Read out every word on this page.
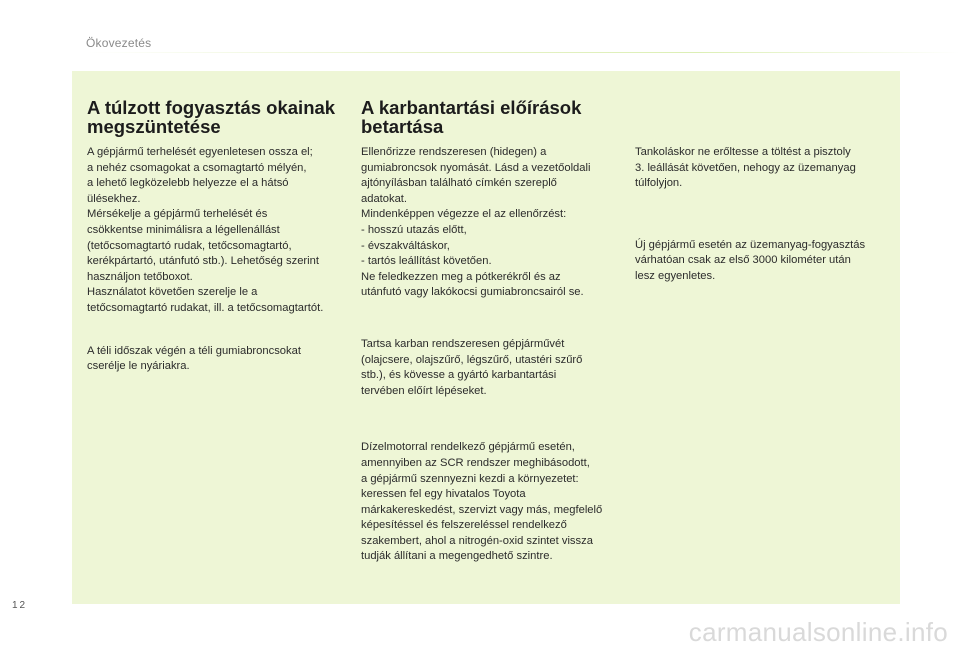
Ökovezetés
A túlzott fogyasztás okainak megszüntetése

A gépjármű terhelését egyenletesen ossza el;
a nehéz csomagokat a csomagtartó mélyén,
a lehető legközelebb helyezze el a hátsó
ülésekhez.
Mérsékelje a gépjármű terhelését és
csökkentse minimálisra a légellenállást
(tetőcsomagtartó rudak, tetőcsomagtartó,
kerékpártartó, utánfutó stb.). Lehetőség szerint
használjon tetőboxot.
Használatot követően szerelje le a
tetőcsomagtartó rudakat, ill. a tetőcsomagtartót.

A téli időszak végén a téli gumiabroncsokat
cserélje le nyáriakra.

A karbantartási előírások betartása

Ellenőrizze rendszeresen (hidegen) a
gumiabroncsok nyomását. Lásd a vezetőoldali
ajtónyílásban található címkén szereplő
adatokat.
Mindenképpen végezze el az ellenőrzést:
- hosszú utazás előtt,
- évszakváltáskor,
- tartós leállítást követően.
Ne feledkezzen meg a pótkerékről és az
utánfutó vagy lakókocsi gumiabroncsairól se.

Tartsa karban rendszeresen gépjárművét
(olajcsere, olajszűrő, légszűrő, utastéri szűrő
stb.), és kövesse a gyártó karbantartási
tervében előírt lépéseket.

Dízelmotorral rendelkező gépjármű esetén,
amennyiben az SCR rendszer meghibásodott,
a gépjármű szennyezni kezdi a környezetet:
keressen fel egy hivatalos Toyota
márkakereskedést, szervizt vagy más, megfelelő
képesítéssel és felszereléssel rendelkező
szakembert, ahol a nitrogén-oxid szintet vissza
tudják állítani a megengedhető szintre.

Tankoláskor ne erőltesse a töltést a pisztoly
3. leállását követően, nehogy az üzemanyag
túlfolyjon.

Új gépjármű esetén az üzemanyag-fogyasztás
várhatóan csak az első 3000 kilométer után
lesz egyenletes.

12
carmanualsonline.info
